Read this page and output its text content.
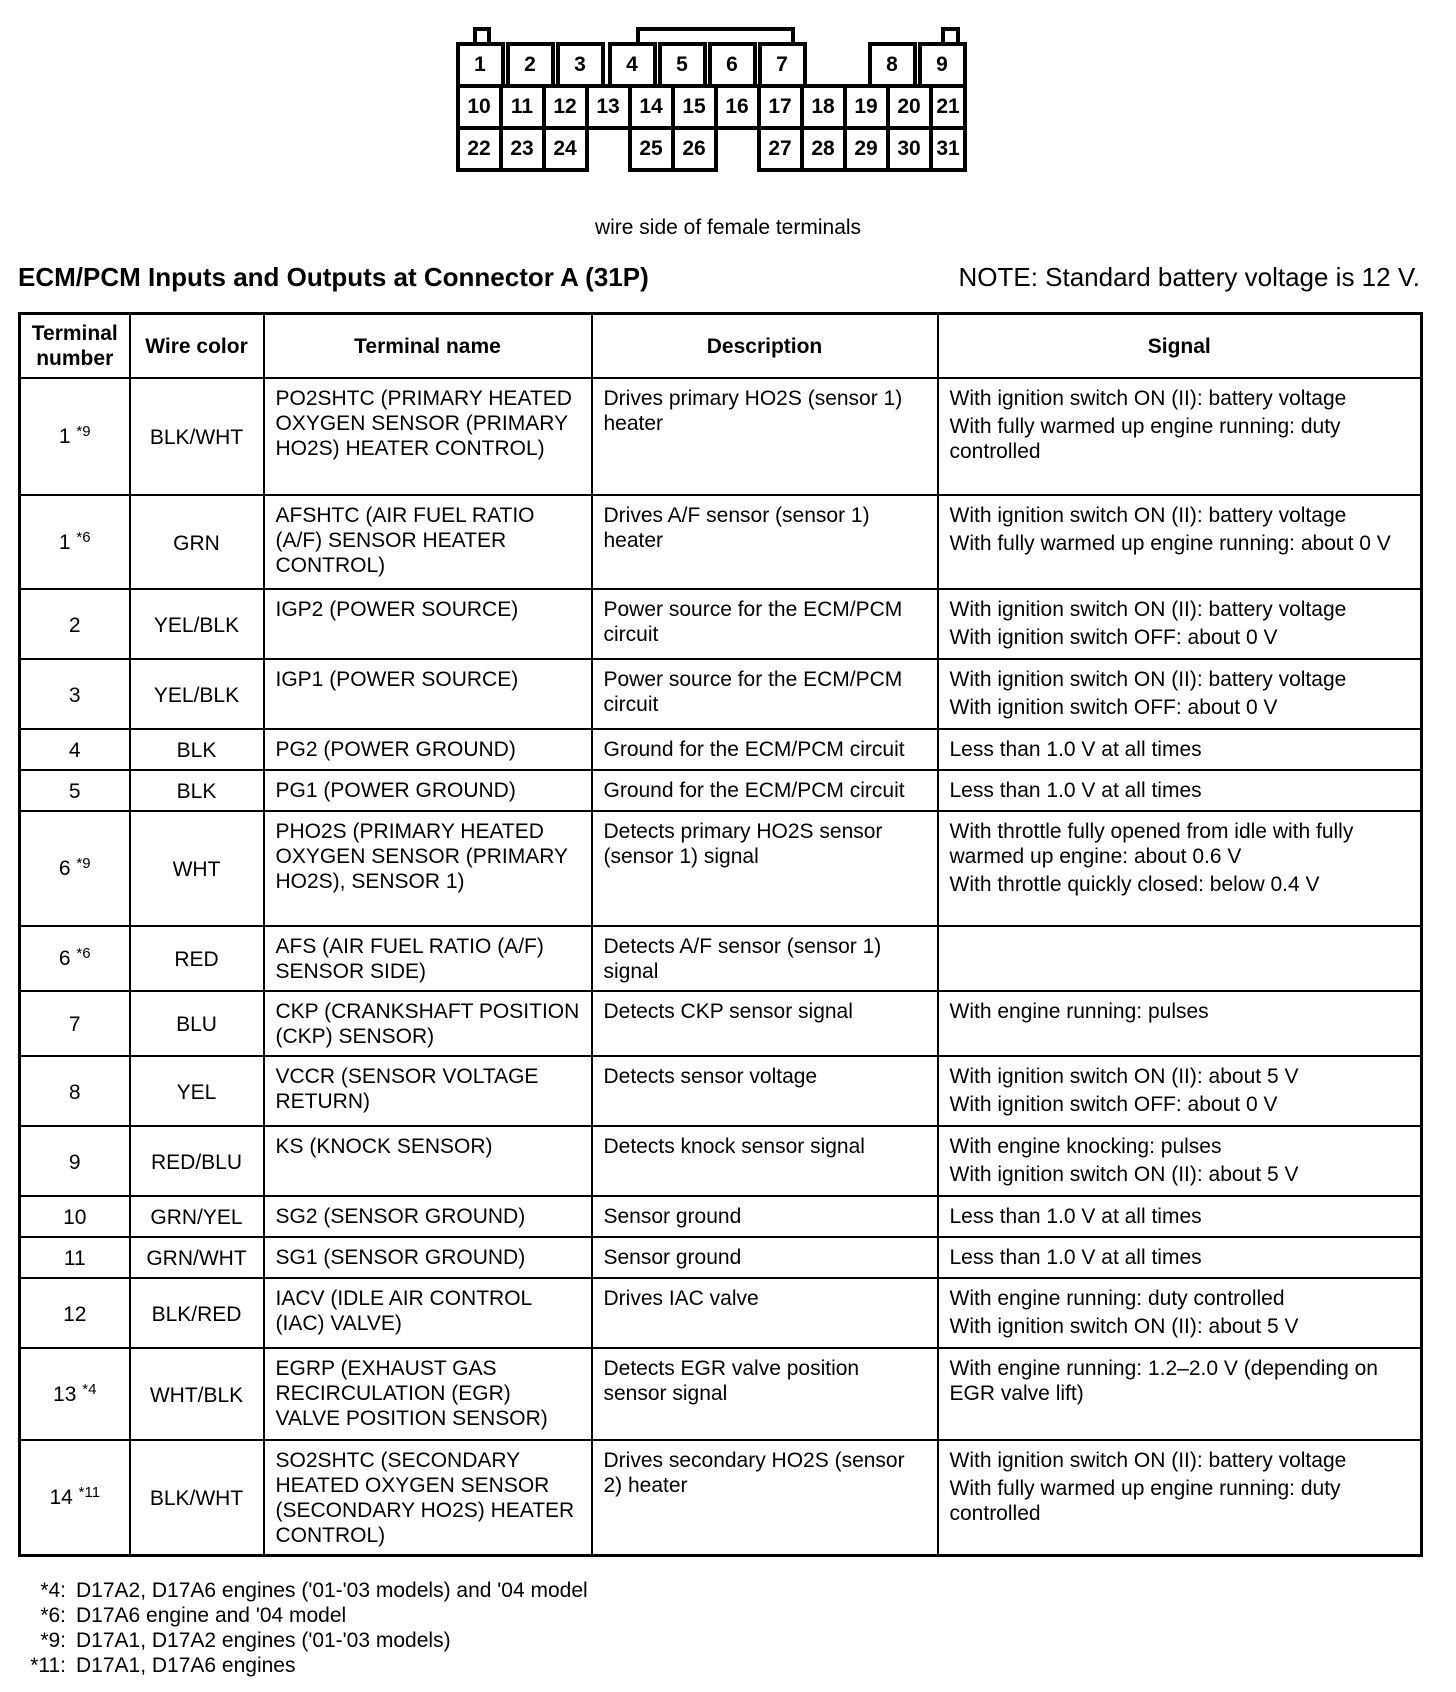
1	2	3	4	5	6	7	8	9
10 11 12 13 14 15 16 17 18 19 20 21
22 23 24	25 26	27 28 29 30 31
wire side of female terminals
ECM/PCM Inputs and Outputs at Connector A (31P)	NOTE: Standard battery voltage is 12 V.
Terminal number	Wire color	Terminal name	Description	Signal
1 $^{*9}$	BLK/WHT	PO2SHTC (PRIMARY HEATED OXYGEN SENSOR (PRIMARY HO2S) HEATER CONTROL)	Drives primary HO2S (sensor 1) heater	With ignition switch ON (II): battery voltage
With fully warmed up engine running: duty controlled

1 $^{*6}$	GRN	AFSHTC (AIR FUEL RATIO (A/F) SENSOR HEATER CONTROL)	Drives A/F sensor (sensor 1) heater	With ignition switch ON (II): battery voltage
With fully warmed up engine running: about 0 V

2	YEL/BLK	IGP2 (POWER SOURCE)	Power source for the ECM/PCM circuit	With ignition switch ON (II): battery voltage
With ignition switch OFF: about 0 V

3	YEL/BLK	IGP1 (POWER SOURCE)	Power source for the ECM/PCM circuit	With ignition switch ON (II): battery voltage
With ignition switch OFF: about 0 V

4	BLK	PG2 (POWER GROUND)	Ground for the ECM/PCM circuit	Less than 1.0 V at all times

5	BLK	PG1 (POWER GROUND)	Ground for the ECM/PCM circuit	Less than 1.0 V at all times

6 $^{*9}$	WHT	PHO2S (PRIMARY HEATED OXYGEN SENSOR (PRIMARY HO2S), SENSOR 1)	Detects primary HO2S sensor (sensor 1) signal	With throttle fully opened from idle with fully warmed up engine: about 0.6 V
With throttle quickly closed: below 0.4 V

6 $^{*6}$	RED	AFS (AIR FUEL RATIO (A/F) SENSOR SIDE)	Detects A/F sensor (sensor 1) signal	
7	BLU	CKP (CRANKSHAFT POSITION (CKP) SENSOR)	Detects CKP sensor signal	With engine running: pulses

8	YEL	VCCR (SENSOR VOLTAGE RETURN)	Detects sensor voltage	With ignition switch ON (II): about 5 V
With ignition switch OFF: about 0 V

9	RED/BLU	KS (KNOCK SENSOR)	Detects knock sensor signal	With engine knocking: pulses
With ignition switch ON (II): about 5 V

10	GRN/YEL	SG2 (SENSOR GROUND)	Sensor ground	Less than 1.0 V at all times

11	GRN/WHT	SG1 (SENSOR GROUND)	Sensor ground	Less than 1.0 V at all times

12	BLK/RED	IACV (IDLE AIR CONTROL (IAC) VALVE)	Drives IAC valve	With engine running: duty controlled
With ignition switch ON (II): about 5 V

13 $^{*4}$	WHT/BLK	EGRP (EXHAUST GAS RECIRCULATION (EGR) VALVE POSITION SENSOR)	Detects EGR valve position sensor signal	With engine running: 1.2–2.0 V (depending on EGR valve lift)

14 $^{*11}$	BLK/WHT	SO2SHTC (SECONDARY HEATED OXYGEN SENSOR (SECONDARY HO2S) HEATER CONTROL)	Drives secondary HO2S (sensor 2) heater	With ignition switch ON (II): battery voltage
With fully warmed up engine running: duty controlled
*4: D17A2, D17A6 engines ('01-'03 models) and '04 model
*6: D17A6 engine and '04 model
*9: D17A1, D17A2 engines ('01-'03 models)
*11: D17A1, D17A6 engines
